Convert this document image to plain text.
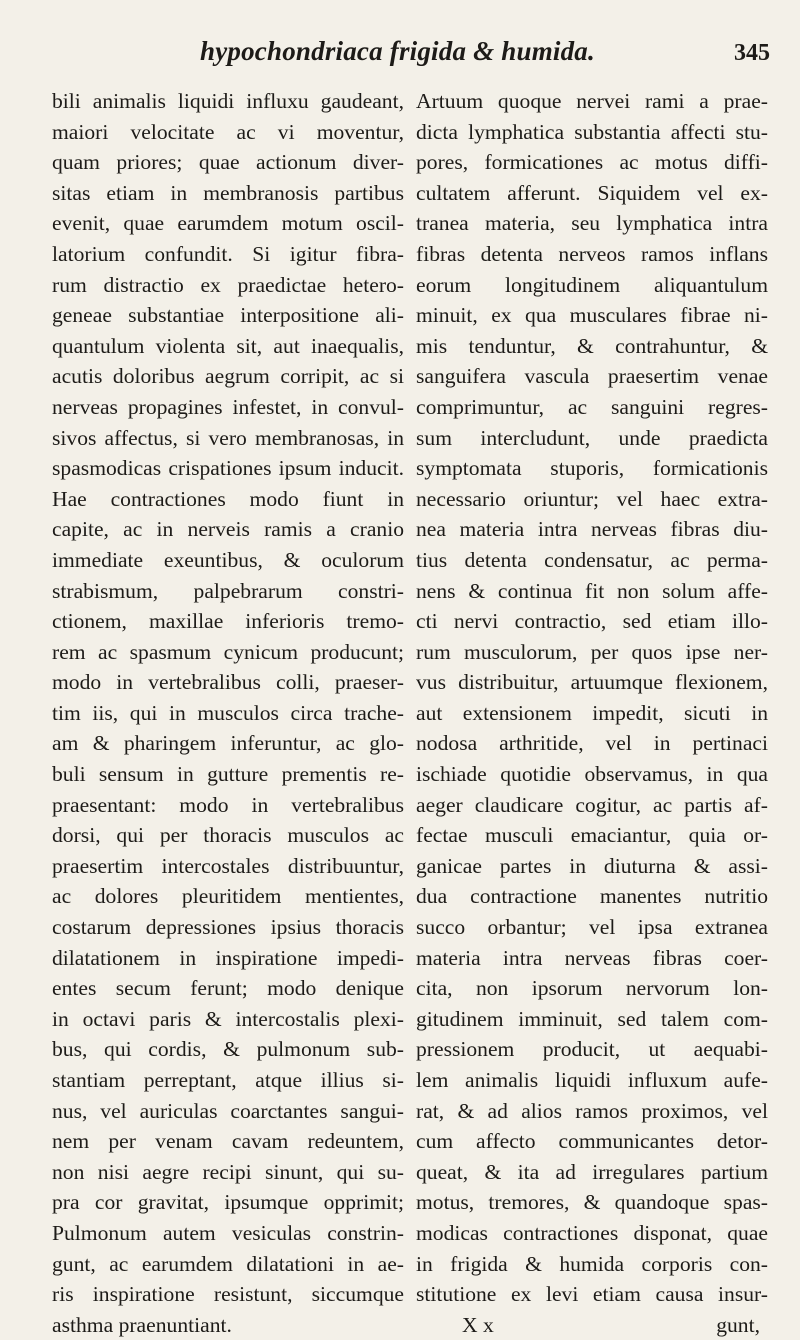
hypochondriaca frigida & humida.	345
bili animalis liquidi influxu gaudeant,
maiori velocitate ac vi moventur,
quam priores; quae actionum diver-
sitas etiam in membranosis partibus
evenit, quae earumdem motum oscil-
latorium confundit. Si igitur fibra-
rum distractio ex praedictae hetero-
geneae substantiae interpositione ali-
quantulum violenta sit, aut inaequalis,
acutis doloribus aegrum corripit, ac si
nerveas propagines infestet, in convul-
sivos affectus, si vero membranosas, in
spasmodicas crispationes ipsum inducit.
Hae contractiones modo fiunt in
capite, ac in nerveis ramis a cranio
immediate exeuntibus, & oculorum
strabismum, palpebrarum constri-
ctionem, maxillae inferioris tremo-
rem ac spasmum cynicum producunt;
modo in vertebralibus colli, praeser-
tim iis, qui in musculos circa trache-
am & pharingem inferuntur, ac glo-
buli sensum in gutture prementis re-
praesentant: modo in vertebralibus
dorsi, qui per thoracis musculos ac
praesertim intercostales distribuuntur,
ac dolores pleuritidem mentientes,
costarum depressiones ipsius thoracis
dilatationem in inspiratione impedi-
entes secum ferunt; modo denique
in octavi paris & intercostalis plexi-
bus, qui cordis, & pulmonum sub-
stantiam perreptant, atque illius si-
nus, vel auriculas coarctantes sangui-
nem per venam cavam redeuntem,
non nisi aegre recipi sinunt, qui su-
pra cor gravitat, ipsumque opprimit;
Pulmonum autem vesiculas constrin-
gunt, ac earumdem dilatationi in ae-
ris inspiratione resistunt, siccumque
asthma praenuntiant.
Artuum quoque nervei rami a prae-
dicta lymphatica substantia affecti stu-
pores, formicationes ac motus diffi-
cultatem afferunt. Siquidem vel ex-
tranea materia, seu lymphatica intra
fibras detenta nerveos ramos inflans
eorum longitudinem aliquantulum
minuit, ex qua musculares fibrae ni-
mis tenduntur, & contrahuntur, &
sanguifera vascula praesertim venae
comprimuntur, ac sanguini regres-
sum intercludunt, unde praedicta
symptomata stuporis, formicationis
necessario oriuntur; vel haec extra-
nea materia intra nerveas fibras diu-
tius detenta condensatur, ac perma-
nens & continua fit non solum affe-
cti nervi contractio, sed etiam illo-
rum musculorum, per quos ipse ner-
vus distribuitur, artuumque flexionem,
aut extensionem impedit, sicuti in
nodosa arthritide, vel in pertinaci
ischiade quotidie observamus, in qua
aeger claudicare cogitur, ac partis af-
fectae musculi emaciantur, quia or-
ganicae partes in diuturna & assi-
dua contractione manentes nutritio
succo orbantur; vel ipsa extranea
materia intra nerveas fibras coer-
cita, non ipsorum nervorum lon-
gitudinem imminuit, sed talem com-
pressionem producit, ut aequabi-
lem animalis liquidi influxum aufe-
rat, & ad alios ramos proximos, vel
cum affecto communicantes detor-
queat, & ita ad irregulares partium
motus, tremores, & quandoque spas-
modicas contractiones disponat, quae
in frigida & humida corporis con-
stitutione ex levi etiam causa insur-
X x	gunt,
